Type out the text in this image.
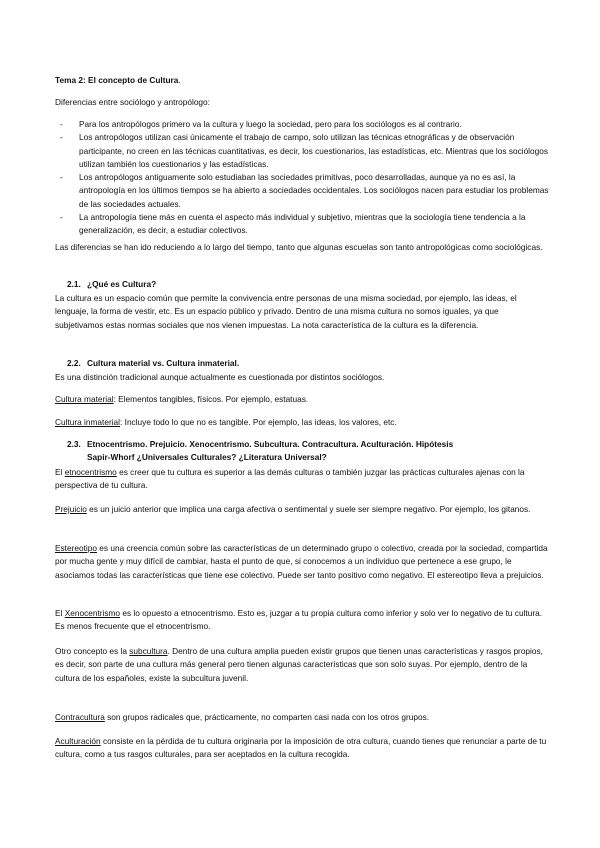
Tema 2: El concepto de Cultura.
Diferencias entre sociólogo y antropólogo:
- Para los antropólogos primero va la cultura y luego la sociedad, pero para los sociólogos es al contrario.
- Los antropólogos utilizan casi únicamente el trabajo de campo, solo utilizan las técnicas etnográficas y de observación participante, no creen en las técnicas cuantitativas, es decir, los cuestionarios, las estadísticas, etc. Mientras que los sociólogos utilizan también los cuestionarios y las estadísticas.
- Los antropólogos antiguamente solo estudiaban las sociedades primitivas, poco desarrolladas, aunque ya no es así, la antropología en los últimos tiempos se ha abierto a sociedades occidentales. Los sociólogos nacen para estudiar los problemas de las sociedades actuales.
- La antropología tiene más en cuenta el aspecto más individual y subjetivo, mientras que la sociología tiene tendencia a la generalización, es decir, a estudiar colectivos.

Las diferencias se han ido reduciendo a lo largo del tiempo, tanto que algunas escuelas son tanto antropológicas como sociológicas.

2.1. ¿Qué es Cultura?

La cultura es un espacio común que permite la convivencia entre personas de una misma sociedad, por ejemplo, las ideas, el lenguaje, la forma de vestir, etc. Es un espacio público y privado. Dentro de una misma cultura no somos iguales, ya que subjetivamos estas normas sociales que nos vienen impuestas. La nota característica de la cultura es la diferencia.

2.2. Cultura material vs. Cultura inmaterial.

Es una distinción tradicional aunque actualmente es cuestionada por distintos sociólogos.

Cultura material: Elementos tangibles, físicos. Por ejemplo, estatuas.

Cultura inmaterial: Incluye todo lo que no es tangible. Por ejemplo, las ideas, los valores, etc.

2.3. Etnocentrismo. Prejuicio. Xenocentrismo. Subcultura. Contracultura. Aculturación. Hipótesis
Sapir-Whorf ¿Universales Culturales? ¿Literatura Universal?

El etnocentrismo es creer que tu cultura es superior a las demás culturas o también juzgar las prácticas culturales ajenas con la perspectiva de tu cultura.

Prejuicio es un juicio anterior que implica una carga afectiva o sentimental y suele ser siempre negativo. Por ejemplo, los gitanos.

Estereotipo es una creencia común sobre las características de un determinado grupo o colectivo, creada por la sociedad, compartida por mucha gente y muy difícil de cambiar, hasta el punto de que, si conocemos a un individuo que pertenece a ese grupo, le asociamos todas las características que tiene ese colectivo. Puede ser tanto positivo como negativo. El estereotipo lleva a prejuicios.

El Xenocentrismo es lo opuesto a etnocentrismo. Esto es, juzgar a tu propia cultura como inferior y solo ver lo negativo de tu cultura. Es menos frecuente que el etnocentrismo.

Otro concepto es la subcultura. Dentro de una cultura amplia pueden existir grupos que tienen unas características y rasgos propios, es decir, son parte de una cultura más general pero tienen algunas características que son solo suyas. Por ejemplo, dentro de la cultura de los españoles, existe la subcultura juvenil.

Contracultura son grupos radicales que, prácticamente, no comparten casi nada con los otros grupos.

Aculturación consiste en la pérdida de tu cultura originaria por la imposición de otra cultura, cuando tienes que renunciar a parte de tu cultura, como a tus rasgos culturales, para ser aceptados en la cultura recogida.
